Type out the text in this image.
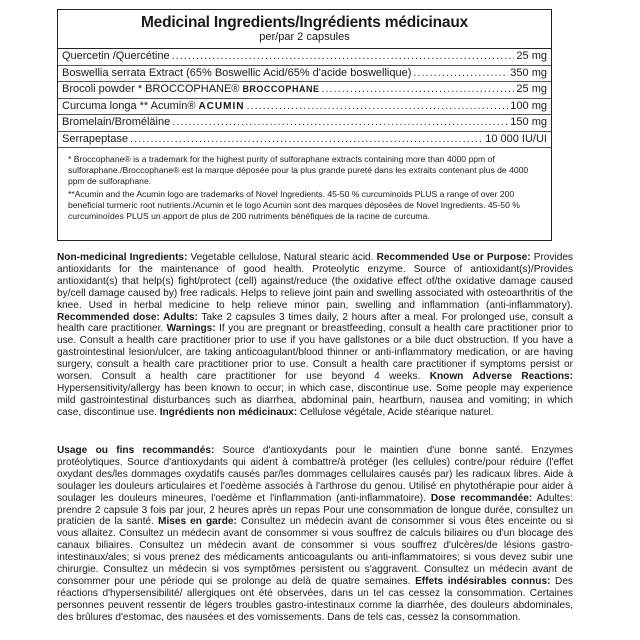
Medicinal Ingredients/Ingrédients médicinaux
per/par 2 capsules
Quercetin /Quercétine .....	25 mg
Boswellia serrata Extract (65% Boswellic Acid/65% d'acide boswellique) .....	350 mg
Brocoli powder * BROCCOPHANE® BROCCOPHANE .....	25 mg
Curcuma longa ** Acumin® ACUMIN .....	100 mg
Bromelain/Broméläine .....	150 mg
Serrapeptase .....	10 000 IU/UI

* Broccophane® is a trademark for the highest purity of sulforaphane extracts containing more than 4000 ppm of sulforaphane./Broccophane® est la marque déposée pour la plus grande pureté dans les extraits contenant plus de 4000 ppm de sulforaphane.

**Acumin and the Acumin logo are trademarks of Novel Ingredients. 45-50 % curcuminoids PLUS a range of over 200 beneficial turmeric root nutrients./Acumin et le logo Acumin sont des marques déposées de Novel Ingredients. 45-50 % curcuminoïdes PLUS un apport de plus de 200 nutriments bénéfiques de la racine de curcuma.

Non-medicinal Ingredients: Vegetable cellulose, Natural stearic acid. Recommended Use or Purpose: Provides antioxidants for the maintenance of good health. Proteolytic enzyme. Source of antioxidant(s)/Provides antioxidant(s) that help(s) fight/protect (cell) against/reduce (the oxidative effect of/the oxidative damage caused by/cell damage caused by) free radicals. Helps to relieve joint pain and swelling associated with osteoarthritis of the knee. Used in herbal medicine to help relieve minor pain, swelling and inflammation (anti-inflammatory). Recommended dose: Adults: Take 2 capsules 3 times daily, 2 hours after a meal. For prolonged use, consult a health care practitioner. Warnings: If you are pregnant or breastfeeding, consult a health care practitioner prior to use. Consult a health care practitioner prior to use if you have gallstones or a bile duct obstruction. If you have a gastrointestinal lesion/ulcer, are taking anticoagulant/blood thinner or anti-inflammatory medication, or are having surgery, consult a health care practitioner prior to use. Consult a health care practitioner if symptoms persist or worsen. Consult a health care practitioner for use beyond 4 weeks. Known Adverse Reactions: Hypersensitivity/allergy has been known to occur; in which case, discontinue use. Some people may experience mild gastrointestinal disturbances such as diarrhea, abdominal pain, heartburn, nausea and vomiting; in which case, discontinue use. Ingrédients non médicinaux: Cellulose végétale, Acide stéarique naturel.

Usage ou fins recommandés: Source d'antioxydants pour le maintien d'une bonne santé. Enzymes protéolytiques. Source d'antioxydants qui aident à combattre/à protéger (les cellules) contre/pour réduire (l'effet oxydant des/les dommages oxydatifs causés par/les dommages cellulaires causés par) les radicaux libres. Aide à soulager les douleurs articulaires et l'oedème associés à l'arthrose du genou. Utilisé en phytothérapie pour aider à soulager les douleurs mineures, l'oedème et l'inflammation (anti-inflammatoire). Dose recommandée: Adultes: prendre 2 capsule 3 fois par jour, 2 heures après un repas Pour une consommation de longue durée, consultez un praticien de la santé. Mises en garde: Consultez un médecin avant de consommer si vous êtes enceinte ou si vous allaitez. Consultez un médecin avant de consommer si vous souffrez de calculs biliaires ou d'un blocage des canaux biliaires. Consultez un médecin avant de consommer si vous souffrez d'ulcères/de lésions gastro-intestinaux/ales; si vous prenez des médicaments anticoagulants ou anti-inflammatoires; si vous devez subir une chirurgie. Consultez un médecin si vos symptômes persistent ou s'aggravent. Consultez un médecin avant de consommer pour une période qui se prolonge au delà de quatre semaines. Effets indésirables connus: Des réactions d'hypersensibilité/ allergiques ont été observées, dans un tel cas cessez la consommation. Certaines personnes peuvent ressentir de légers troubles gastro-intestinaux comme la diarrhée, des douleurs abdominales, des brûlures d'estomac, des nausées et des vomissements. Dans de tels cas, cessez la consommation.
